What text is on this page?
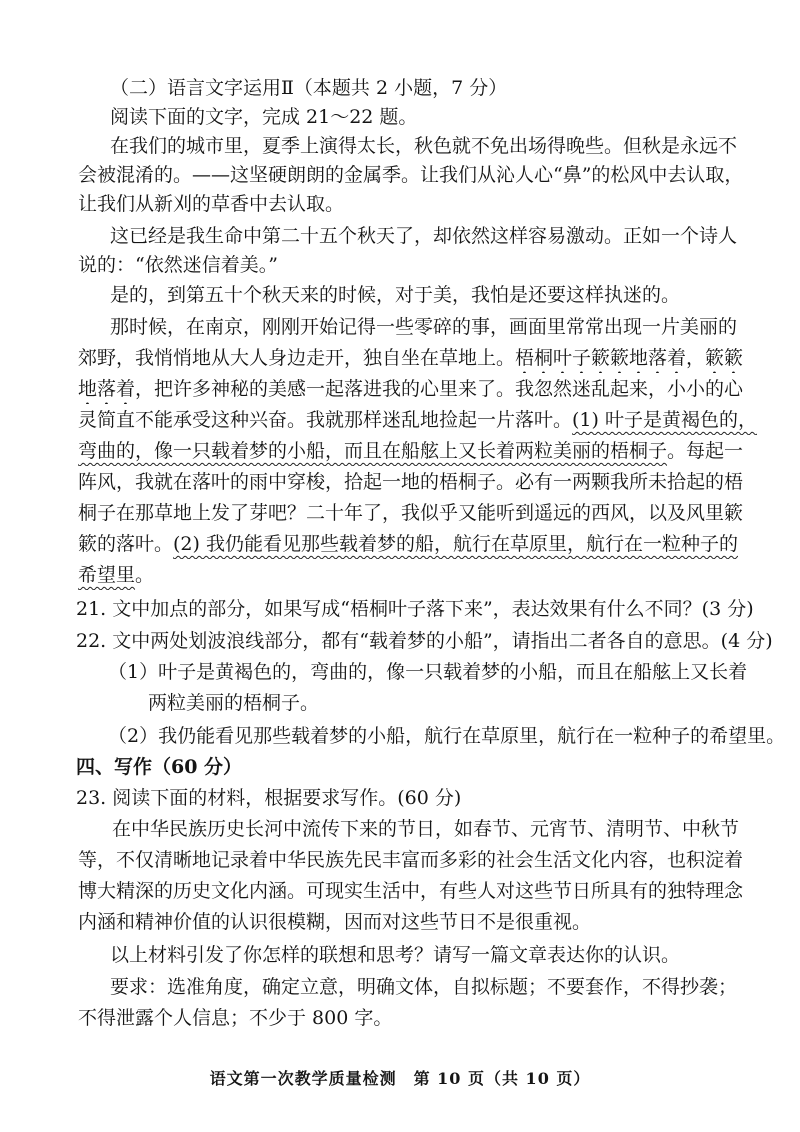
（二）语言文字运用Ⅱ（本题共 2 小题，7 分）

阅读下面的文字，完成 21～22 题。

在我们的城市里，夏季上演得太长，秋色就不免出场得晚些。但秋是永远不

会被混淆的。——这坚硬朗朗的金属季。让我们从沁人心“鼻”的松风中去认取，

让我们从新刈的草香中去认取。

这已经是我生命中第二十五个秋天了，却依然这样容易激动。正如一个诗人

说的：“依然迷信着美。”

是的，到第五十个秋天来的时候，对于美，我怕是还要这样执迷的。

那时候，在南京，刚刚开始记得一些零碎的事，画面里常常出现一片美丽的

郊野，我悄悄地从大人身边走开，独自坐在草地上。梧桐叶子簌簌地落着，簌簌

地落着，把许多神秘的美感一起落进我的心里来了。我忽然迷乱起来，小小的心

灵简直不能承受这种兴奋。我就那样迷乱地捡起一片落叶。(1) 叶子是黄褐色的，

弯曲的，像一只载着梦的小船，而且在船舷上又长着两粒美丽的梧桐子。每起一

阵风，我就在落叶的雨中穿梭，拾起一地的梧桐子。必有一两颗我所未拾起的梧

桐子在那草地上发了芽吧？二十年了，我似乎又能听到遥远的西风，以及风里簌

簌的落叶。(2) 我仍能看见那些载着梦的船，航行在草原里，航行在一粒种子的

希望里。

21. 文中加点的部分，如果写成“梧桐叶子落下来”，表达效果有什么不同？(3 分)

22. 文中两处划波浪线部分，都有“载着梦的小船”，请指出二者各自的意思。(4 分)

（1）叶子是黄褐色的，弯曲的，像一只载着梦的小船，而且在船舷上又长着

两粒美丽的梧桐子。

（2）我仍能看见那些载着梦的小船，航行在草原里，航行在一粒种子的希望里。

四、写作（60 分）

23. 阅读下面的材料，根据要求写作。(60 分)

在中华民族历史长河中流传下来的节日，如春节、元宵节、清明节、中秋节

等，不仅清晰地记录着中华民族先民丰富而多彩的社会生活文化内容，也积淀着

博大精深的历史文化内涵。可现实生活中，有些人对这些节日所具有的独特理念

内涵和精神价值的认识很模糊，因而对这些节日不是很重视。

以上材料引发了你怎样的联想和思考？请写一篇文章表达你的认识。

要求：选准角度，确定立意，明确文体，自拟标题；不要套作，不得抄袭；

不得泄露个人信息；不少于 800 字。

语文第一次教学质量检测　第 10 页（共 10 页）
